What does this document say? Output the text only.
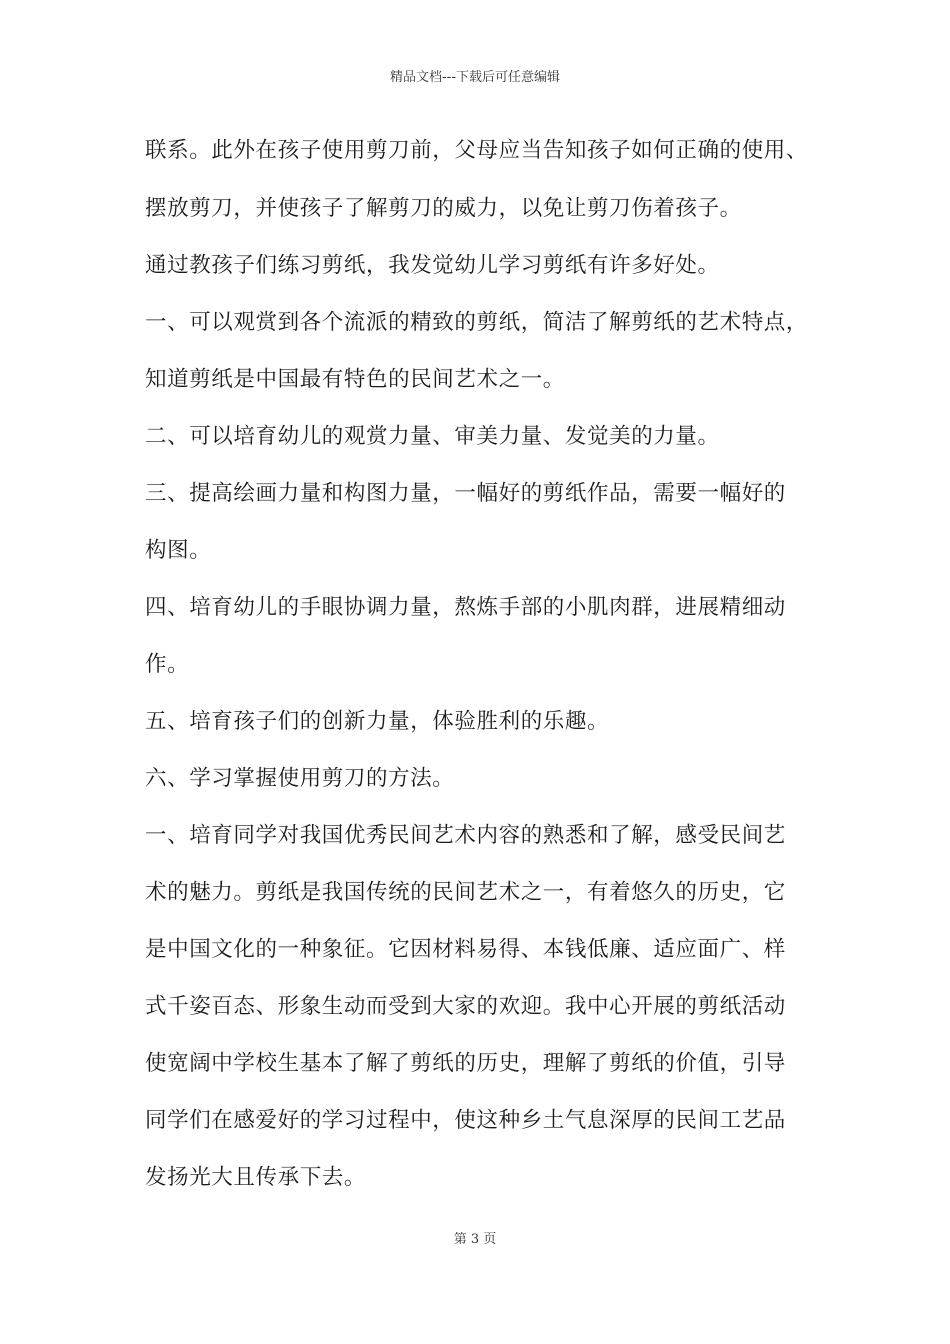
精品文档---下载后可任意编辑
联系。此外在孩子使用剪刀前，父母应当告知孩子如何正确的使用、
摆放剪刀，并使孩子了解剪刀的威力，以免让剪刀伤着孩子。
通过教孩子们练习剪纸，我发觉幼儿学习剪纸有许多好处。
一、可以观赏到各个流派的精致的剪纸，简洁了解剪纸的艺术特点，
知道剪纸是中国最有特色的民间艺术之一。
二、可以培育幼儿的观赏力量、审美力量、发觉美的力量。
三、提高绘画力量和构图力量，一幅好的剪纸作品，需要一幅好的
构图。
四、培育幼儿的手眼协调力量，熬炼手部的小肌肉群，进展精细动
作。
五、培育孩子们的创新力量，体验胜利的乐趣。
六、学习掌握使用剪刀的方法。
一、培育同学对我国优秀民间艺术内容的熟悉和了解，感受民间艺
术的魅力。剪纸是我国传统的民间艺术之一，有着悠久的历史，它
是中国文化的一种象征。它因材料易得、本钱低廉、适应面广、样
式千姿百态、形象生动而受到大家的欢迎。我中心开展的剪纸活动
使宽阔中学校生基本了解了剪纸的历史，理解了剪纸的价值，引导
同学们在感爱好的学习过程中，使这种乡土气息深厚的民间工艺品
发扬光大且传承下去。
第 3 页
